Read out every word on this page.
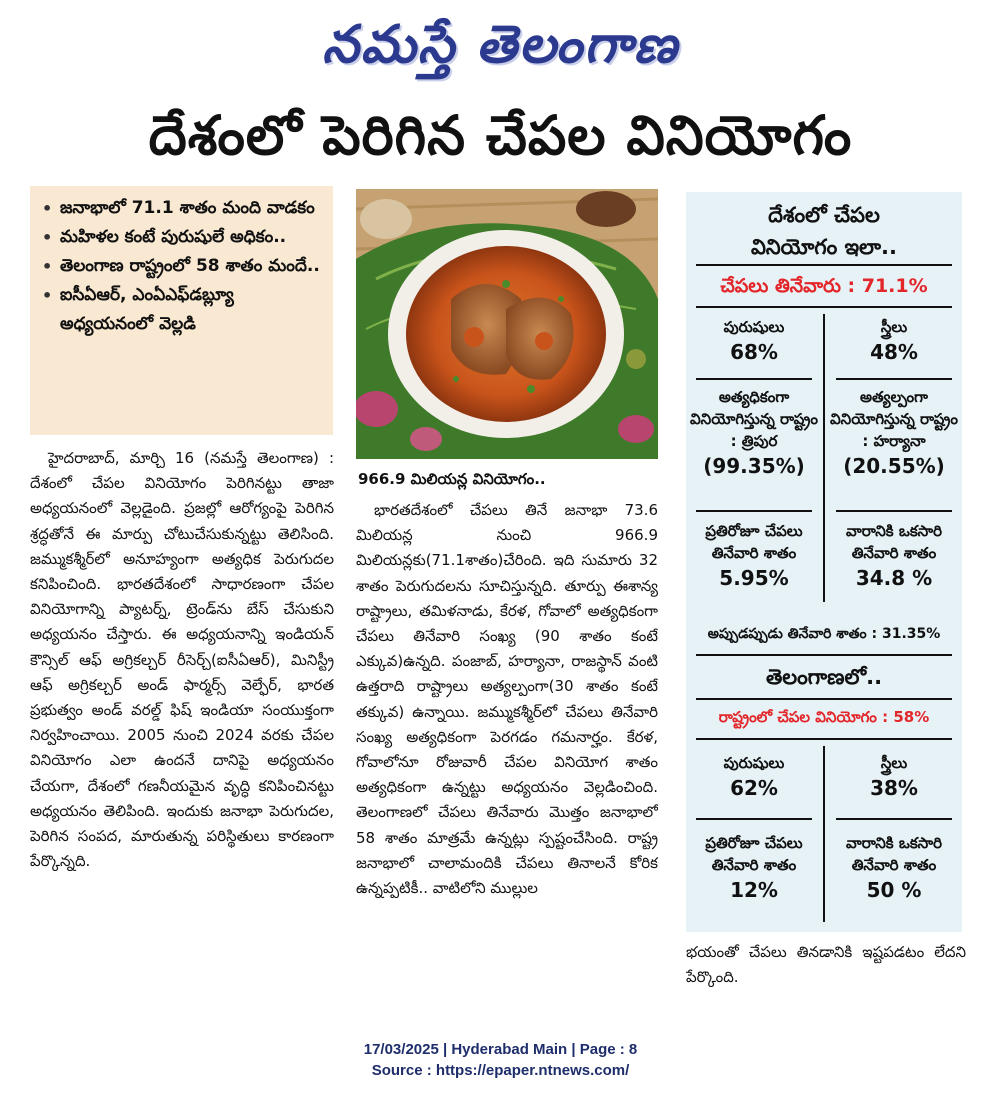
నమస్తే తెలంగాణ
దేశంలో పెరిగిన చేపల వినియోగం
• జనాభాలో 71.1 శాతం మంది వాడకం
• మహిళల కంటే పురుషులే అధికం..
• తెలంగాణ రాష్ట్రంలో 58 శాతం మందే..
• ఐసీఏఆర్, ఎంఏఎఫ్‌డబ్ల్యూ అధ్యయనంలో వెల్లడి
966.9 మిలియన్ల వినియోగం..

హైదరాబాద్, మార్చి 16 (నమస్తే తెలంగాణ) : దేశంలో చేపల వినియోగం పెరిగినట్టు తాజా అధ్యయనంలో వెల్లడైంది. ప్రజల్లో ఆరోగ్యంపై పెరిగిన శ్రద్ధతోనే ఈ మార్పు చోటుచేసుకున్నట్టు తెలిసింది. జమ్ముకశ్మీర్‌లో అనూహ్యంగా అత్యధిక పెరుగుదల కనిపించింది. భారతదేశంలో సాధారణంగా చేపల వినియోగాన్ని ప్యాటర్న్, ట్రెండ్‌ను బేస్ చేసుకుని అధ్యయనం చేస్తారు. ఈ అధ్యయనాన్ని ఇండియన్ కౌన్సిల్ ఆఫ్ అగ్రికల్చర్ రీసెర్చ్(ఐసీఏఆర్), మినిస్ట్రీ ఆఫ్ అగ్రికల్చర్ అండ్ ఫార్మర్స్ వెల్ఫేర్, భారత ప్రభుత్వం అండ్ వరల్డ్ ఫిష్ ఇండియా సంయుక్తంగా నిర్వహించాయి. 2005 నుంచి 2024 వరకు చేపల వినియోగం ఎలా ఉందనే దానిపై అధ్యయనం చేయగా, దేశంలో గణనీయమైన వృద్ధి కనిపించినట్టు అధ్యయనం తెలిపింది. ఇందుకు జనాభా పెరుగుదల, పెరిగిన సంపద, మారుతున్న పరిస్థితులు కారణంగా పేర్కొన్నది.

భారతదేశంలో చేపలు తినే జనాభా 73.6 మిలియన్ల నుంచి 966.9 మిలియన్లకు(71.1శాతం)చేరింది. ఇది సుమారు 32 శాతం పెరుగుదలను సూచిస్తున్నది. తూర్పు ఈశాన్య రాష్ట్రాలు, తమిళనాడు, కేరళ, గోవాలో అత్యధికంగా చేపలు తినేవారి సంఖ్య (90 శాతం కంటే ఎక్కువ)ఉన్నది. పంజాబ్, హర్యానా, రాజస్థాన్ వంటి ఉత్తరాది రాష్ట్రాలు అత్యల్పంగా(30 శాతం కంటే తక్కువ) ఉన్నాయి. జమ్ముకశ్మీర్‌లో చేపలు తినేవారి సంఖ్య అత్యధికంగా పెరగడం గమనార్హం. కేరళ, గోవాలోనూ రోజువారీ చేపల వినియోగ శాతం అత్యధికంగా ఉన్నట్టు అధ్యయనం వెల్లడించింది. తెలంగాణలో చేపలు తినేవారు మొత్తం జనాభాలో 58 శాతం మాత్రమే ఉన్నట్లు స్పష్టంచేసింది. రాష్ట్ర జనాభాలో చాలామందికి చేపలు తినాలనే కోరిక ఉన్నప్పటికీ.. వాటిలోని ముల్లుల

దేశంలో చేపల
వినియోగం ఇలా..
చేపలు తినేవారు : 71.1%
పురుషులు
68%
స్త్రీలు
48%
అత్యధికంగా వినియోగిస్తున్న రాష్ట్రం : త్రిపుర
(99.35%)
అత్యల్పంగా వినియోగిస్తున్న రాష్ట్రం : హర్యానా
(20.55%)
ప్రతిరోజూ చేపలు తినేవారి శాతం
5.95%
వారానికి ఒకసారి తినేవారి శాతం
34.8 %
అప్పుడప్పుడు తినేవారి శాతం : 31.35%
తెలంగాణలో..
రాష్ట్రంలో చేపల వినియోగం : 58%
పురుషులు
62%
స్త్రీలు
38%
ప్రతిరోజూ చేపలు తినేవారి శాతం
12%
వారానికి ఒకసారి తినేవారి శాతం
50 %

భయంతో చేపలు తినడానికి ఇష్టపడటం లేదని పేర్కొంది.

17/03/2025 | Hyderabad Main | Page : 8
Source : https://epaper.ntnews.com/
